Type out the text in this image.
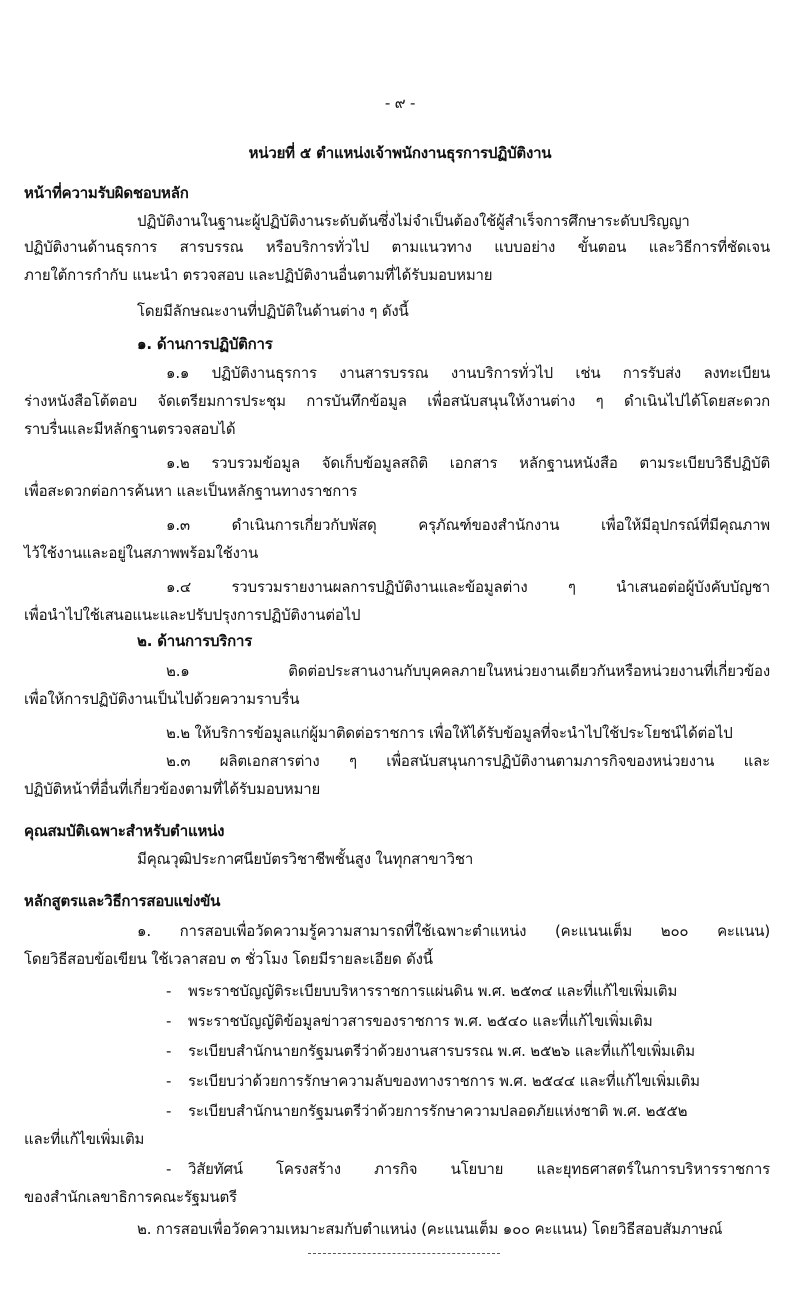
- ๙ -
หน่วยที่ ๕ ตำแหน่งเจ้าพนักงานธุรการปฏิบัติงาน
หน้าที่ความรับผิดชอบหลัก
ปฏิบัติงานในฐานะผู้ปฏิบัติงานระดับต้นซึ่งไม่จำเป็นต้องใช้ผู้สำเร็จการศึกษาระดับปริญญา
ปฏิบัติงานด้านธุรการ สารบรรณ หรือบริการทั่วไป ตามแนวทาง แบบอย่าง ขั้นตอน และวิธีการที่ชัดเจน
ภายใต้การกำกับ แนะนำ ตรวจสอบ และปฏิบัติงานอื่นตามที่ได้รับมอบหมาย
โดยมีลักษณะงานที่ปฏิบัติในด้านต่าง ๆ ดังนี้
๑. ด้านการปฏิบัติการ
๑.๑ ปฏิบัติงานธุรการ งานสารบรรณ งานบริการทั่วไป เช่น การรับส่ง ลงทะเบียน
ร่างหนังสือโต้ตอบ จัดเตรียมการประชุม การบันทึกข้อมูล เพื่อสนับสนุนให้งานต่าง ๆ ดำเนินไปได้โดยสะดวก
ราบรื่นและมีหลักฐานตรวจสอบได้
๑.๒ รวบรวมข้อมูล จัดเก็บข้อมูลสถิติ เอกสาร หลักฐานหนังสือ ตามระเบียบวิธีปฏิบัติ
เพื่อสะดวกต่อการค้นหา และเป็นหลักฐานทางราชการ
๑.๓ ดำเนินการเกี่ยวกับพัสดุ ครุภัณฑ์ของสำนักงาน เพื่อให้มีอุปกรณ์ที่มีคุณภาพ
ไว้ใช้งานและอยู่ในสภาพพร้อมใช้งาน
๑.๔ รวบรวมรายงานผลการปฏิบัติงานและข้อมูลต่าง ๆ นำเสนอต่อผู้บังคับบัญชา
เพื่อนำไปใช้เสนอแนะและปรับปรุงการปฏิบัติงานต่อไป
๒. ด้านการบริการ
๒.๑ ติดต่อประสานงานกับบุคคลภายในหน่วยงานเดียวกันหรือหน่วยงานที่เกี่ยวข้อง
เพื่อให้การปฏิบัติงานเป็นไปด้วยความราบรื่น
๒.๒ ให้บริการข้อมูลแก่ผู้มาติดต่อราชการ เพื่อให้ได้รับข้อมูลที่จะนำไปใช้ประโยชน์ได้ต่อไป
๒.๓ ผลิตเอกสารต่าง ๆ เพื่อสนับสนุนการปฏิบัติงานตามภารกิจของหน่วยงาน และ
ปฏิบัติหน้าที่อื่นที่เกี่ยวข้องตามที่ได้รับมอบหมาย
คุณสมบัติเฉพาะสำหรับตำแหน่ง
มีคุณวุฒิประกาศนียบัตรวิชาชีพชั้นสูง ในทุกสาขาวิชา
หลักสูตรและวิธีการสอบแข่งขัน
๑. การสอบเพื่อวัดความรู้ความสามารถที่ใช้เฉพาะตำแหน่ง (คะแนนเต็ม ๒๐๐ คะแนน)
โดยวิธีสอบข้อเขียน ใช้เวลาสอบ ๓ ชั่วโมง โดยมีรายละเอียด ดังนี้
- พระราชบัญญัติระเบียบบริหารราชการแผ่นดิน พ.ศ. ๒๕๓๔ และที่แก้ไขเพิ่มเติม
- พระราชบัญญัติข้อมูลข่าวสารของราชการ พ.ศ. ๒๕๔๐ และที่แก้ไขเพิ่มเติม
- ระเบียบสำนักนายกรัฐมนตรีว่าด้วยงานสารบรรณ พ.ศ. ๒๕๒๖ และที่แก้ไขเพิ่มเติม
- ระเบียบว่าด้วยการรักษาความลับของทางราชการ พ.ศ. ๒๕๔๔ และที่แก้ไขเพิ่มเติม
- ระเบียบสำนักนายกรัฐมนตรีว่าด้วยการรักษาความปลอดภัยแห่งชาติ พ.ศ. ๒๕๕๒
และที่แก้ไขเพิ่มเติม
- วิสัยทัศน์ โครงสร้าง ภารกิจ นโยบาย และยุทธศาสตร์ในการบริหารราชการ
ของสำนักเลขาธิการคณะรัฐมนตรี
๒. การสอบเพื่อวัดความเหมาะสมกับตำแหน่ง (คะแนนเต็ม ๑๐๐ คะแนน) โดยวิธีสอบสัมภาษณ์
